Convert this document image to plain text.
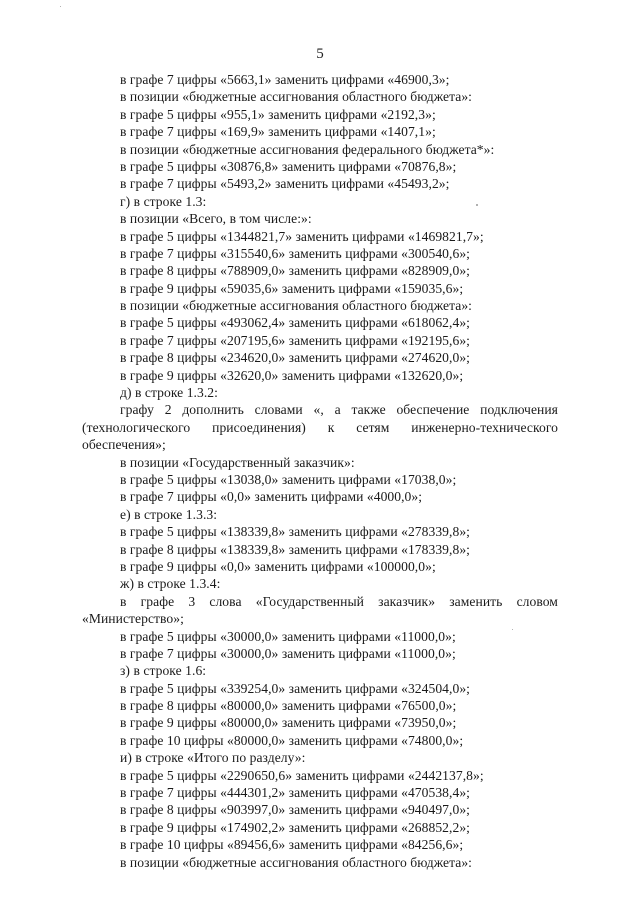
5
в графе 7 цифры «5663,1» заменить цифрами «46900,3»;
в позиции «бюджетные ассигнования областного бюджета»:
в графе 5 цифры «955,1» заменить цифрами «2192,3»;
в графе 7 цифры «169,9» заменить цифрами «1407,1»;
в позиции «бюджетные ассигнования федерального бюджета*»:
в графе 5 цифры «30876,8» заменить цифрами «70876,8»;
в графе 7 цифры «5493,2» заменить цифрами «45493,2»;
г) в строке 1.3:
в позиции «Всего, в том числе:»:
в графе 5 цифры «1344821,7» заменить цифрами «1469821,7»;
в графе 7 цифры «315540,6» заменить цифрами «300540,6»;
в графе 8 цифры «788909,0» заменить цифрами «828909,0»;
в графе 9 цифры «59035,6» заменить цифрами «159035,6»;
в позиции «бюджетные ассигнования областного бюджета»:
в графе 5 цифры «493062,4» заменить цифрами «618062,4»;
в графе 7 цифры «207195,6» заменить цифрами «192195,6»;
в графе 8 цифры «234620,0» заменить цифрами «274620,0»;
в графе 9 цифры «32620,0» заменить цифрами «132620,0»;
д) в строке 1.3.2:
графу 2 дополнить словами «, а также обеспечение подключения
(технологического присоединения) к сетям инженерно-технического
обеспечения»;
в позиции «Государственный заказчик»:
в графе 5 цифры «13038,0» заменить цифрами «17038,0»;
в графе 7 цифры «0,0» заменить цифрами «4000,0»;
е) в строке 1.3.3:
в графе 5 цифры «138339,8» заменить цифрами «278339,8»;
в графе 8 цифры «138339,8» заменить цифрами «178339,8»;
в графе 9 цифры «0,0» заменить цифрами «100000,0»;
ж) в строке 1.3.4:
в графе 3 слова «Государственный заказчик» заменить словом
«Министерство»;
в графе 5 цифры «30000,0» заменить цифрами «11000,0»;
в графе 7 цифры «30000,0» заменить цифрами «11000,0»;
з) в строке 1.6:
в графе 5 цифры «339254,0» заменить цифрами «324504,0»;
в графе 8 цифры «80000,0» заменить цифрами «76500,0»;
в графе 9 цифры «80000,0» заменить цифрами «73950,0»;
в графе 10 цифры «80000,0» заменить цифрами «74800,0»;
и) в строке «Итого по разделу»:
в графе 5 цифры «2290650,6» заменить цифрами «2442137,8»;
в графе 7 цифры «444301,2» заменить цифрами «470538,4»;
в графе 8 цифры «903997,0» заменить цифрами «940497,0»;
в графе 9 цифры «174902,2» заменить цифрами «268852,2»;
в графе 10 цифры «89456,6» заменить цифрами «84256,6»;
в позиции «бюджетные ассигнования областного бюджета»:
